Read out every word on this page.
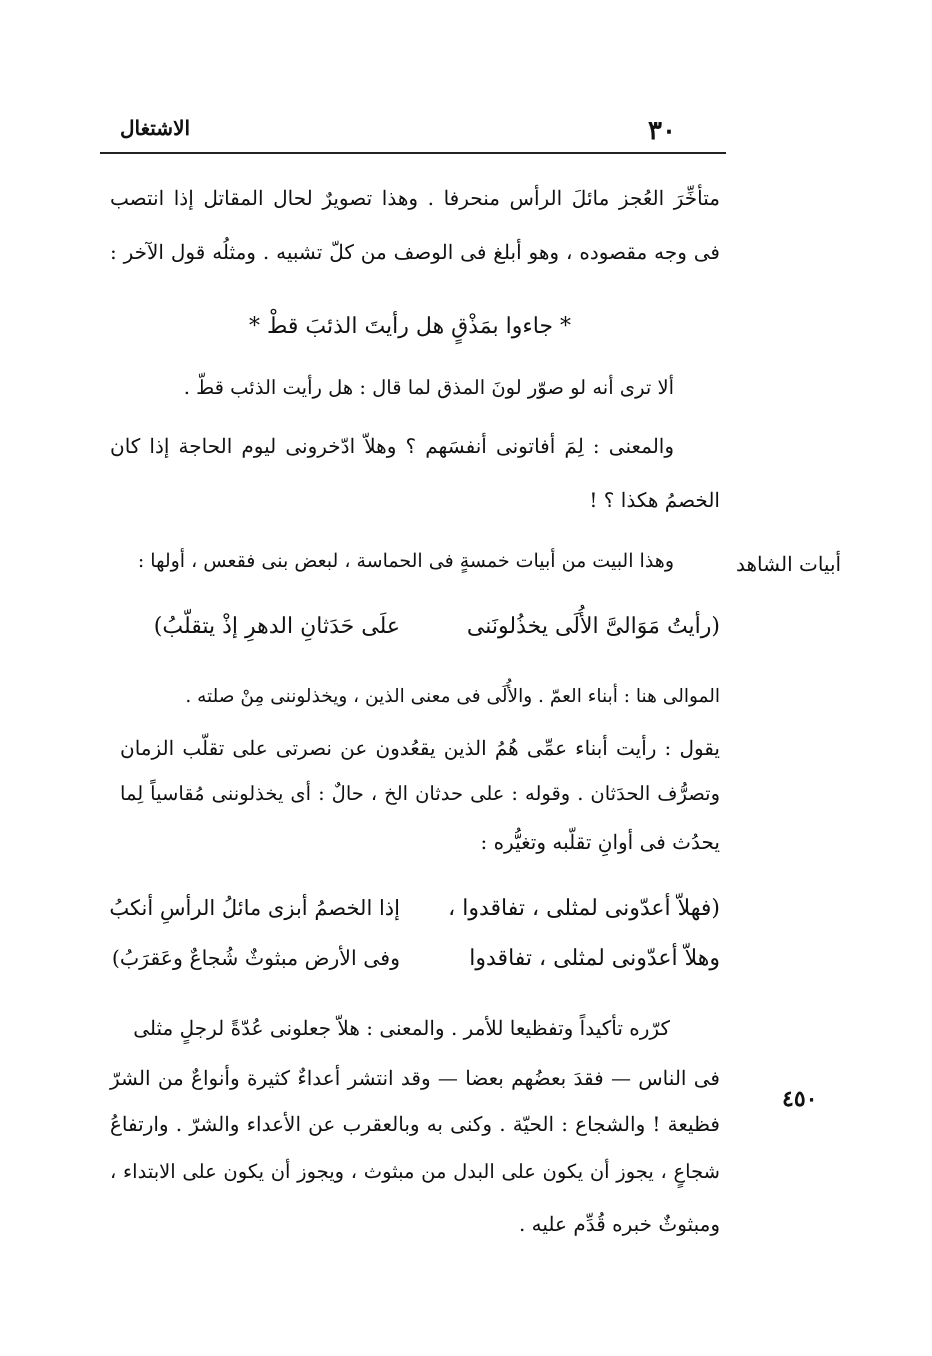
٣٠
الاشتغال
متأخِّرَ العُجز مائلَ الرأس منحرفا . وهذا تصويرٌ لحال المقاتل إذا انتصب
فى وجه مقصوده ، وهو أبلغ فى الوصف من كلّ تشبيه . ومثلُه قول الآخر :
* جاءوا بمَذْقٍ هل رأيتَ الذئبَ قطْ *
ألا ترى أنه لو صوّر لونَ المذق لما قال : هل رأيت الذئب قطّ .
والمعنى : لِمَ أفاتونى أنفسَهم ؟ وهلاّ ادّخرونى ليوم الحاجة إذا كان
الخصمُ هكذا ؟ !
أبيات الشاهد
وهذا البيت من أبيات خمسةٍ فى الحماسة ، لبعض بنى فقعس ، أولها :
(رأيتُ مَوَالىَّ الأُلَى يخذُلونَنى
علَى حَدَثانِ الدهرِ إذْ يتقلّبُ)
الموالى هنا : أبناء العمّ . والأُلَى فى معنى الذين ، ويخذلوننى مِنْ صلته .
يقول : رأيت أبناء عمِّى هُمُ الذين يقعُدون عن نصرتى على تقلّب الزمان
وتصرُّف الحدَثان . وقوله : على حدثان الخ ، حالٌ : أى يخذلوننى مُقاسياً لِما
يحدُث فى أوانِ تقلّبه وتغيُّره :
(فهلاّ أعدّونى لمثلى ، تفاقدوا ،
إذا الخصمُ أبزى مائلُ الرأسِ أنكبُ
وهلاّ أعدّونى لمثلى ، تفاقدوا
وفى الأرض مبثوثٌ شُجاعٌ وعَقرَبُ)
كرّره تأكيداً وتفظيعا للأمر . والمعنى : هلاّ جعلونى عُدّةً لرجلٍ مثلى
فى الناس — فقدَ بعضُهم بعضا — وقد انتشر أعداءٌ كثيرة وأنواعٌ من الشرّ
فظيعة ! والشجاع : الحيّة . وكنى به وبالعقرب عن الأعداء والشرّ . وارتفاعُ
شجاعٍ ، يجوز أن يكون على البدل من مبثوث ، ويجوز أن يكون على الابتداء ،
ومبثوثٌ خبره قُدِّم عليه .
٤٥٠
